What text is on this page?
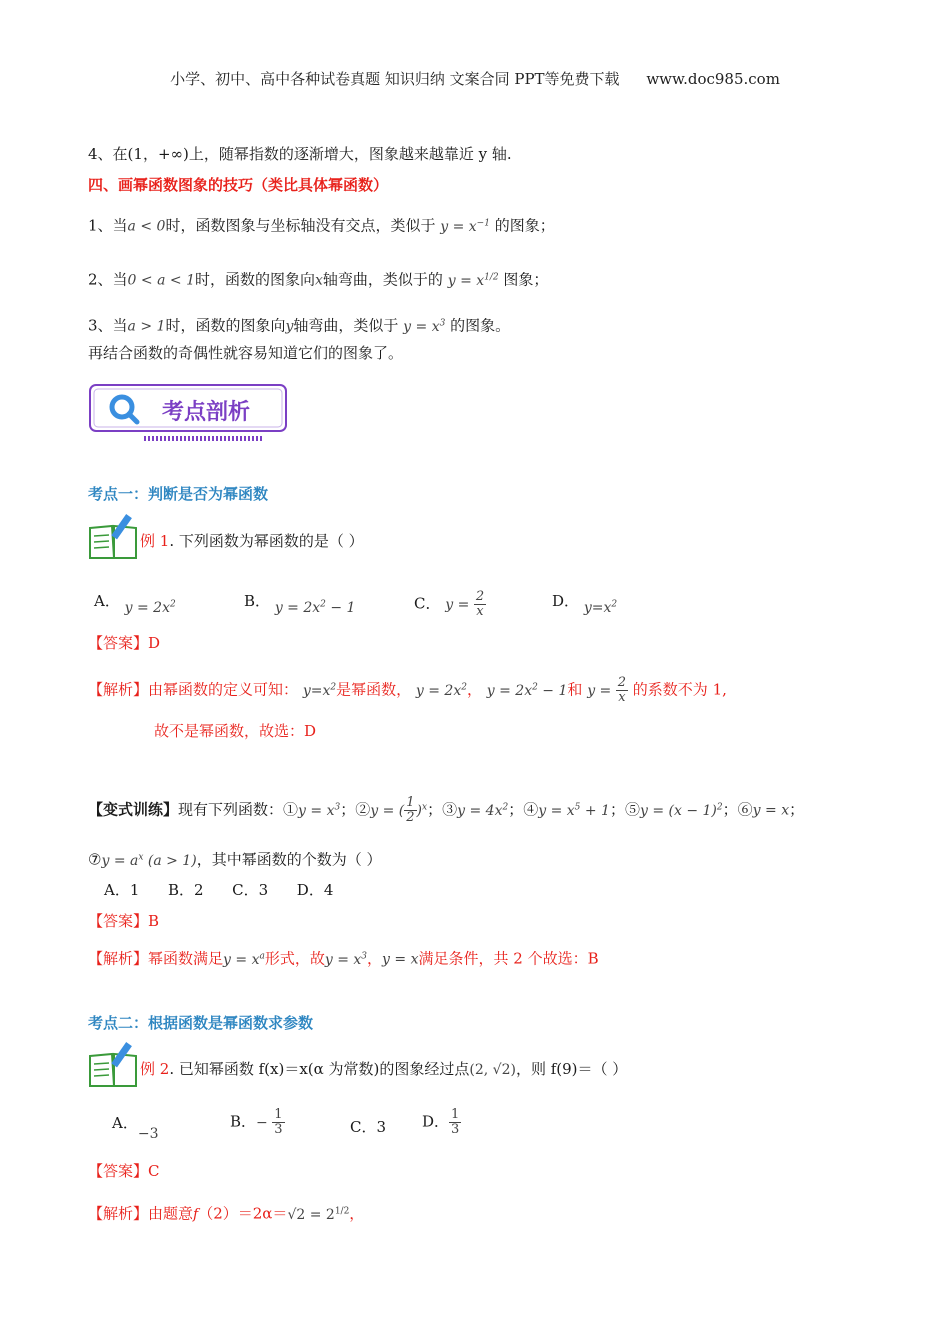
小学、初中、高中各种试卷真题 知识归纳 文案合同 PPT等免费下载 www.doc985.com
4、在(1，+∞)上，随幂指数的逐渐增大，图象越来越靠近 y 轴.
四、画幂函数图象的技巧（类比具体幂函数）
1、当a < 0时，函数图象与坐标轴没有交点，类似于 $y = x^{-1}$ 的图象；
2、当0 < a < 1时，函数的图象向x轴弯曲，类似于的 $y = x^{1/2}$ 图象；
3、当a > 1时，函数的图象向y轴弯曲，类似于 $y = x^3$ 的图象。
再结合函数的奇偶性就容易知道它们的图象了。
考点剖析
考点一：判断是否为幂函数
例 1. 下列函数为幂函数的是（ ）
A． $y = 2x^2$	B． $y = 2x^2 - 1$	C． $y = \frac{2}{x}$	D． $y=x^2$
【答案】D
【解析】由幂函数的定义可知： $y=x^2$是幂函数， $y = 2x^2$， $y = 2x^2 - 1$和 $y = \frac{2}{x}$ 的系数不为 1,
故不是幂函数，故选：D
【变式训练】现有下列函数：①y = $x^3$；②y = ( $\frac{1}{2} )^x$；③y = $4x^2$；④y = $x^5 + 1$；⑤y = $(x - 1)^2$；⑥y = x；
⑦y = $a^x$ (a > 1)，其中幂函数的个数为（ ）
A．1      B．2      C．3      D．4
【答案】B
【解析】幂函数满足$y = x^a$形式，故$y = x^3$，y = x满足条件，共 2 个故选：B
考点二：根据函数是幂函数求参数
例 2. 已知幂函数 f(x)＝x(α 为常数)的图象经过点(2, √2)，则 f(9)＝（ ）
A．−3
B．− $\frac{1}{3}$	C．3 D． $\frac{1}{3}$
【答案】C
【解析】由题意$f(2)=2\alpha=√2 = 2^{1/2}$，
